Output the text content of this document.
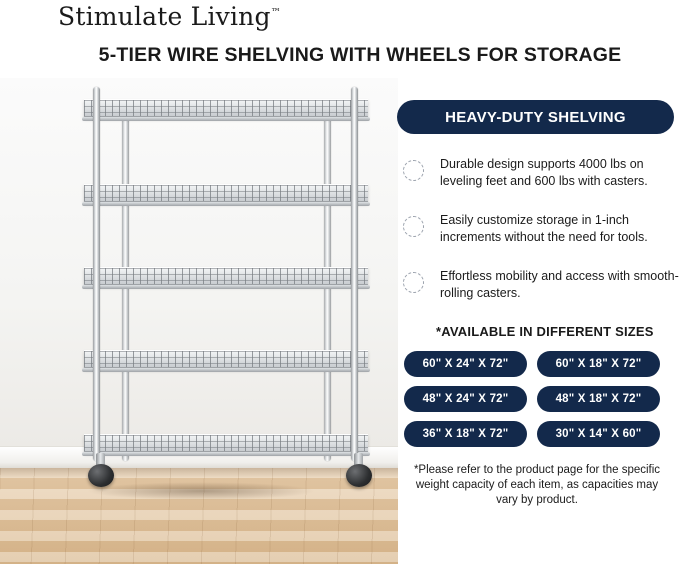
Stimulate Living™
5-TIER WIRE SHELVING WITH WHEELS FOR STORAGE
HEAVY-DUTY SHELVING
Durable design supports 4000 lbs on leveling feet and 600 lbs with casters.
Easily customize storage in 1-inch increments without the need for tools.
Effortless mobility and access with smooth-rolling casters.
*AVAILABLE IN DIFFERENT SIZES
60" X 24" X 72"	60" X 18" X 72"
48" X 24" X 72"	48" X 18" X 72"
36" X 18" X 72"	30" X 14" X 60"
*Please refer to the product page for the specific weight capacity of each item, as capacities may vary by product.
